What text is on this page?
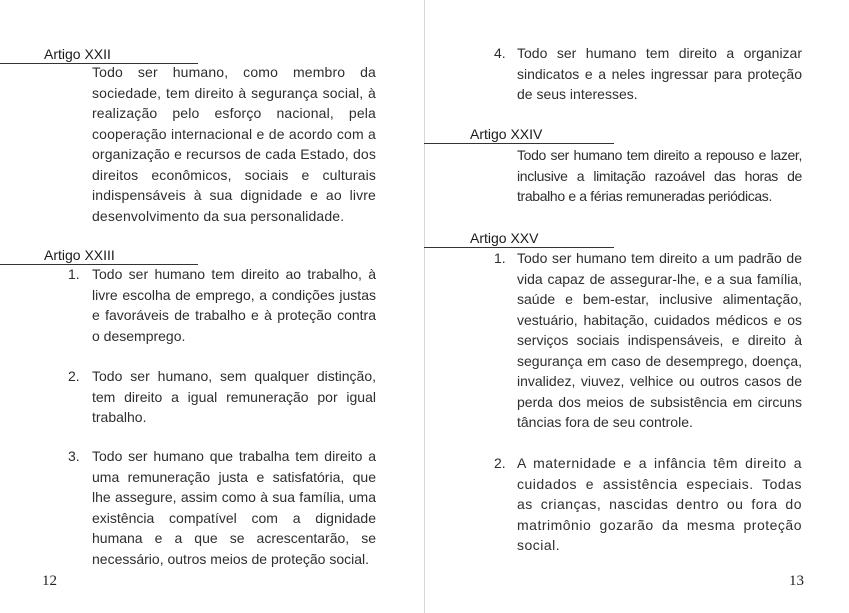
Artigo XXII

Todo ser humano, como membro da sociedade, tem direito à segurança social, à realização pelo esforço nacional, pela cooperação internacional e de acordo com a organização e recursos de cada Estado, dos direitos econômicos, sociais e culturais indispensáveis à sua dignidade e ao livre desenvolvimento da sua personalidade.

Artigo XXIII
1. Todo ser humano tem direito ao trabalho, à livre escolha de emprego, a condições justas e favoráveis de trabalho e à proteção contra o desemprego.

2. Todo ser humano, sem qualquer distinção, tem direito a igual remuneração por igual trabalho.

3. Todo ser humano que trabalha tem direito a uma remuneração justa e satisfatória, que lhe assegure, assim como à sua família, uma existência compatível com a dignidade humana e a que se acrescentarão, se necessário, outros meios de proteção social.

12
4. Todo ser humano tem direito a organizar sindicatos e a neles ingressar para proteção de seus interesses.

Artigo XXIV

Todo ser humano tem direito a repouso e lazer, inclusive a limitação razoável das horas de trabalho e a férias remuneradas periódicas.

Artigo XXV
1. Todo ser humano tem direito a um padrão de vida capaz de assegurar-lhe, e a sua família, saúde e bem-estar, inclusive alimentação, vestuário, habitação, cuidados médicos e os serviços sociais indispensáveis, e direito à segurança em caso de desemprego, doença, invalidez, viuvez, velhice ou outros casos de perda dos meios de subsistência em circuns tâncias fora de seu controle.

2. A maternidade e a infância têm direito a cuidados e assistência especiais. Todas as crianças, nascidas dentro ou fora do matrimônio gozarão da mesma proteção social.

13
